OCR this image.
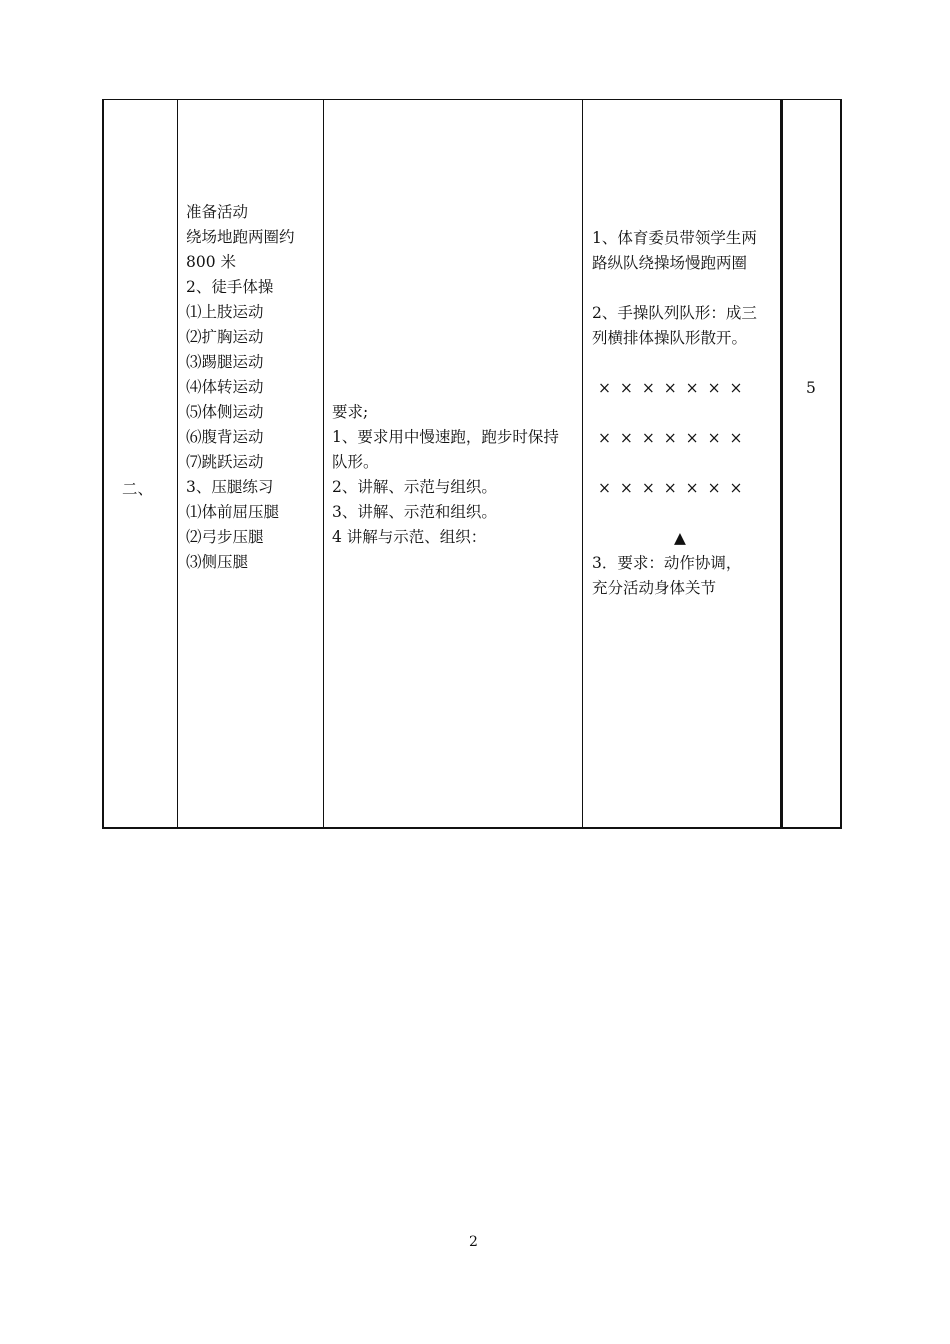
二、
准备活动
绕场地跑两圈约
800 米
2、徒手体操
⑴上肢运动
⑵扩胸运动
⑶踢腿运动
⑷体转运动
⑸体侧运动
⑹腹背运动
⑺跳跃运动
3、压腿练习
⑴体前屈压腿
⑵弓步压腿
⑶侧压腿
要求;
1、要求用中慢速跑，跑步时保持
队形。
2、讲解、示范与组织。
3、讲解、示范和组织。
4 讲解与示范、组织：
1、体育委员带领学生两
路纵队绕操场慢跑两圈
2、手操队列队形：成三
列横排体操队形散开。
× × × × × × ×
× × × × × × ×
× × × × × × ×
▲
3．要求：动作协调，
充分活动身体关节
5
2
